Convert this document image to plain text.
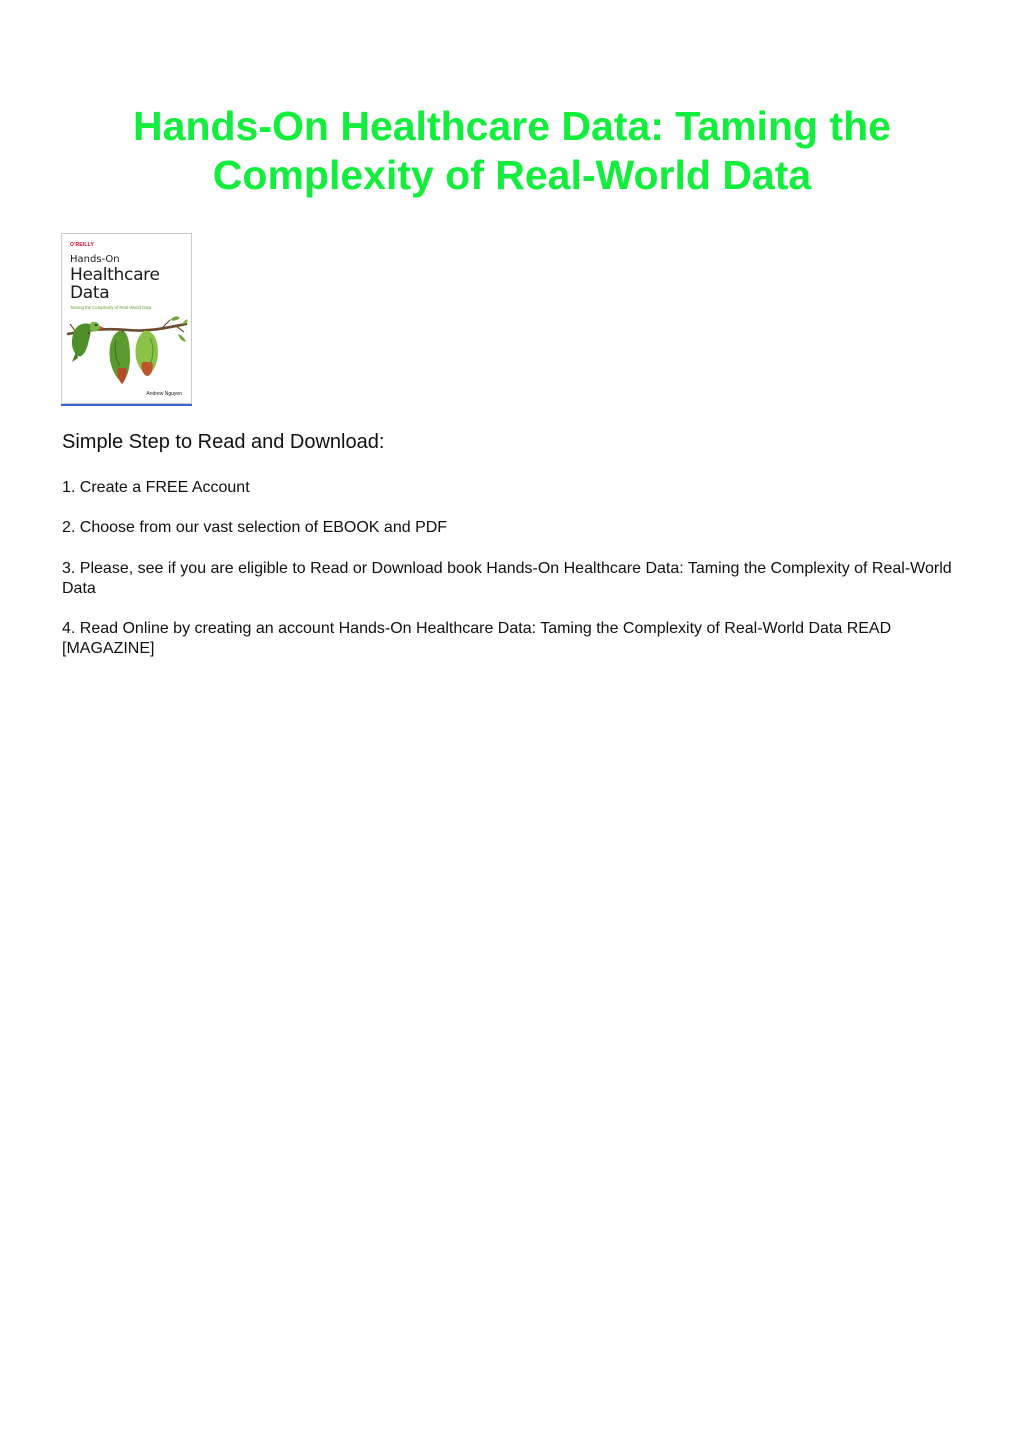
Hands-On Healthcare Data: Taming the Complexity of Real-World Data
O'REILLY
Hands-On
Healthcare
Data
Taming the Complexity of Real-World Data
Andrew Nguyen
Simple Step to Read and Download:

1. Create a FREE Account

2. Choose from our vast selection of EBOOK and PDF

3. Please, see if you are eligible to Read or Download book Hands-On Healthcare Data: Taming the Complexity of Real-World Data

4. Read Online by creating an account Hands-On Healthcare Data: Taming the Complexity of Real-World Data READ [MAGAZINE]
